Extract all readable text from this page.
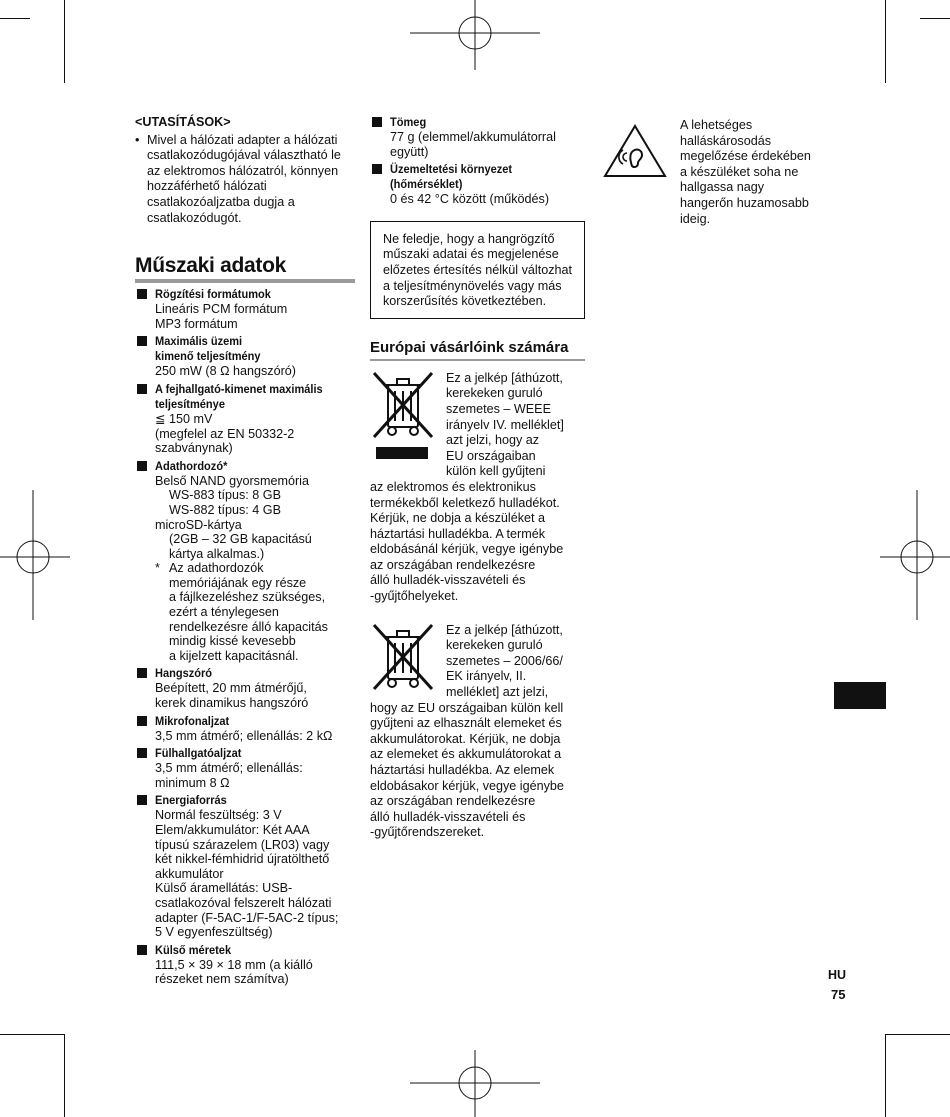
<UTASÍTÁSOK>
• Mivel a hálózati adapter a hálózati csatlakozódugójával választható le az elektromos hálózatról, könnyen hozzáférhető hálózati csatlakozóaljzatba dugja a csatlakozódugót.
Műszaki adatok
Rögzítési formátumok
Lineáris PCM formátum
MP3 formátum
Maximális üzemi
kimenő teljesítmény
250 mW (8 Ω hangszóró)
A fejhallgató-kimenet maximális
teljesítménye
≦ 150 mV
(megfelel az EN 50332-2
szabványnak)
Adathordozó*
Belső NAND gyorsmemória
WS-883 típus: 8 GB
WS-882 típus: 4 GB
microSD-kártya
(2GB – 32 GB kapacitású
kártya alkalmas.)
* Az adathordozók
memóriájának egy része
a fájlkezeléshez szükséges,
ezért a ténylegesen
rendelkezésre álló kapacitás
mindig kissé kevesebb
a kijelzett kapacitásnál.
Hangszóró
Beépített, 20 mm átmérőjű,
kerek dinamikus hangszóró
Mikrofonaljzat
3,5 mm átmérő; ellenállás: 2 kΩ
Fülhallgatóaljzat
3,5 mm átmérő; ellenállás:
minimum 8 Ω
Energiaforrás
Normál feszültség: 3 V
Elem/akkumulátor: Két AAA
típusú szárazelem (LR03) vagy
két nikkel-fémhidrid újratölthető
akkumulátor
Külső áramellátás: USB-
csatlakozóval felszerelt hálózati
adapter (F-5AC-1/F-5AC-2 típus;
5 V egyenfeszültség)
Külső méretek
111,5 × 39 × 18 mm (a kiálló
részeket nem számítva)
Tömeg
77 g (elemmel/akkumulátorral
együtt)
Üzemeltetési környezet
(hőmérséklet)
0 és 42 °C között (működés)
Ne feledje, hogy a hangrögzítő műszaki adatai és megjelenése előzetes értesítés nélkül változhat a teljesítménynövelés vagy más korszerűsítés következtében.
Európai vásárlóink számára
Ez a jelkép [áthúzott,
kerekeken guruló
szemetes – WEEE
irányelv IV. melléklet]
azt jelzi, hogy az
EU országaiban
külön kell gyűjteni
az elektromos és elektronikus
termékekből keletkező hulladékot.
Kérjük, ne dobja a készüléket a
háztartási hulladékba. A termék
eldobásánál kérjük, vegye igénybe
az országában rendelkezésre
álló hulladék-visszavételi és
-gyűjtőhelyeket.
Ez a jelkép [áthúzott,
kerekeken guruló
szemetes – 2006/66/
EK irányelv, II.
melléklet] azt jelzi,
hogy az EU országaiban külön kell
gyűjteni az elhasznált elemeket és
akkumulátorokat. Kérjük, ne dobja
az elemeket és akkumulátorokat a
háztartási hulladékba. Az elemek
eldobásakor kérjük, vegye igénybe
az országában rendelkezésre
álló hulladék-visszavételi és
-gyűjtőrendszereket.
A lehetséges
halláskárosodás
megelőzése érdekében
a készüléket soha ne
hallgassa nagy
hangerőn huzamosabb
ideig.
HU
75
